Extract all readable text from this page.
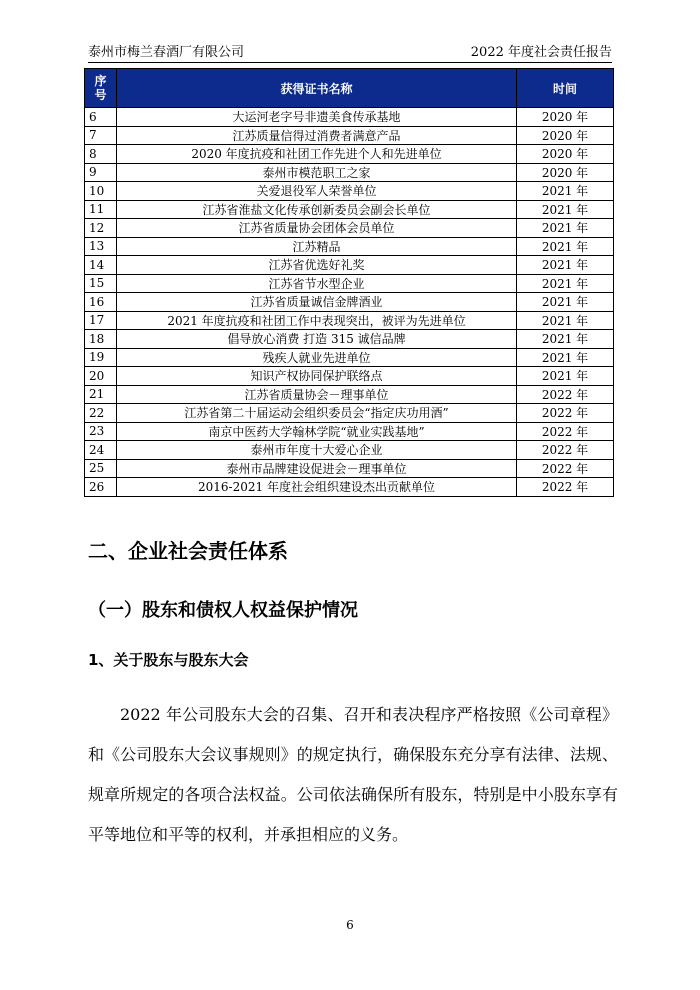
泰州市梅兰春酒厂有限公司	2022 年度社会责任报告
序号	获得证书名称	时间
6	大运河老字号非遗美食传承基地	2020 年
7	江苏质量信得过消费者满意产品	2020 年
8	2020 年度抗疫和社团工作先进个人和先进单位	2020 年
9	泰州市模范职工之家	2020 年
10	关爱退役军人荣誉单位	2021 年
11	江苏省淮盐文化传承创新委员会副会长单位	2021 年
12	江苏省质量协会团体会员单位	2021 年
13	江苏精品	2021 年
14	江苏省优选好礼奖	2021 年
15	江苏省节水型企业	2021 年
16	江苏省质量诚信金牌酒业	2021 年
17	2021 年度抗疫和社团工作中表现突出，被评为先进单位	2021 年
18	倡导放心消费 打造 315 诚信品牌	2021 年
19	残疾人就业先进单位	2021 年
20	知识产权协同保护联络点	2021 年
21	江苏省质量协会－理事单位	2022 年
22	江苏省第二十届运动会组织委员会“指定庆功用酒”	2022 年
23	南京中医药大学翰林学院“就业实践基地”	2022 年
24	泰州市年度十大爱心企业	2022 年
25	泰州市品牌建设促进会－理事单位	2022 年
26	2016-2021 年度社会组织建设杰出贡献单位	2022 年
二、企业社会责任体系
（一）股东和债权人权益保护情况
1、关于股东与股东大会

2022 年公司股东大会的召集、召开和表决程序严格按照《公司章程》和《公司股东大会议事规则》的规定执行，确保股东充分享有法律、法规、规章所规定的各项合法权益。公司依法确保所有股东，特别是中小股东享有平等地位和平等的权利，并承担相应的义务。

6
